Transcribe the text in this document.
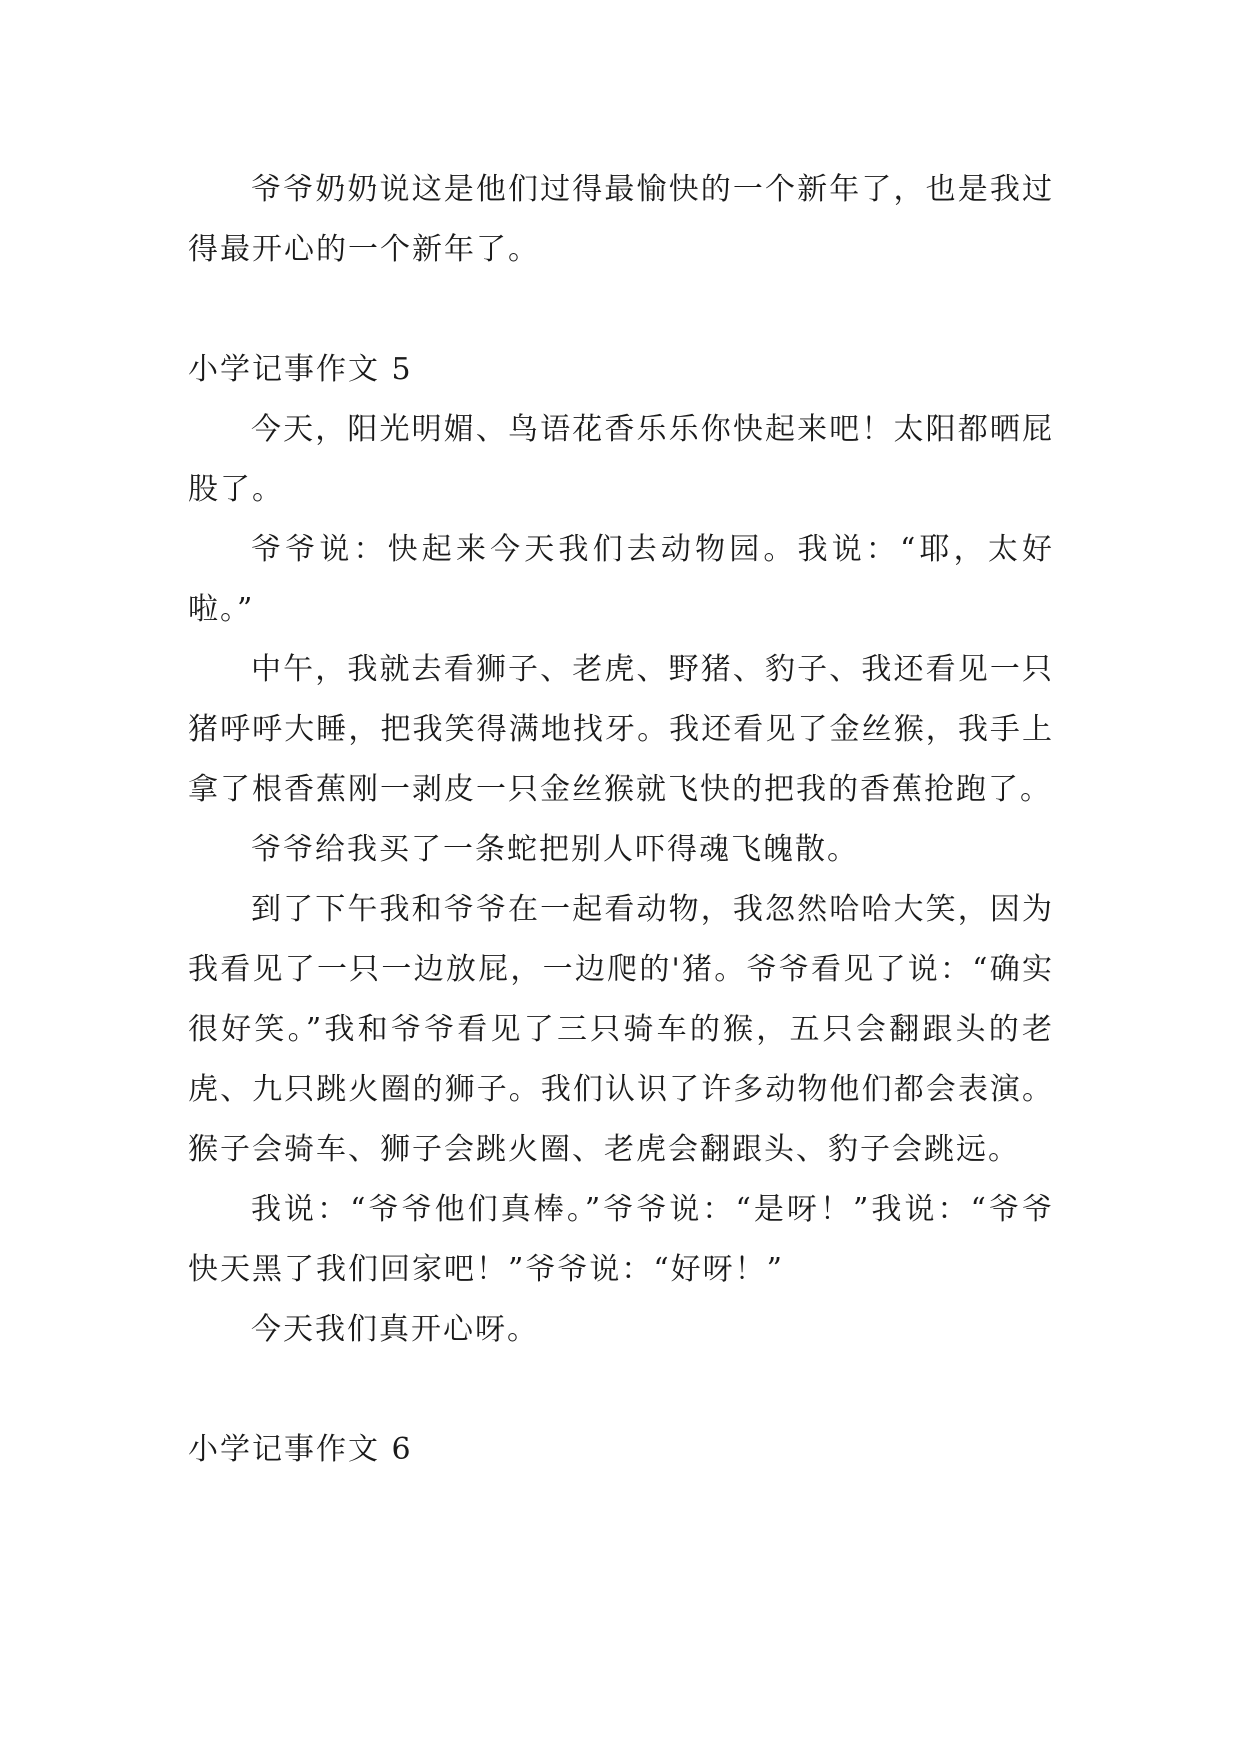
爷爷奶奶说这是他们过得最愉快的一个新年了，也是我过得最开心的一个新年了。

小学记事作文 5

今天，阳光明媚、鸟语花香乐乐你快起来吧！太阳都晒屁股了。

爷爷说：快起来今天我们去动物园。我说：“耶，太好啦。”

中午，我就去看狮子、老虎、野猪、豹子、我还看见一只猪呼呼大睡，把我笑得满地找牙。我还看见了金丝猴，我手上拿了根香蕉刚一剥皮一只金丝猴就飞快的把我的香蕉抢跑了。

爷爷给我买了一条蛇把别人吓得魂飞魄散。

到了下午我和爷爷在一起看动物，我忽然哈哈大笑，因为我看见了一只一边放屁，一边爬的'猪。爷爷看见了说：“确实很好笑。”我和爷爷看见了三只骑车的猴，五只会翻跟头的老虎、九只跳火圈的狮子。我们认识了许多动物他们都会表演。猴子会骑车、狮子会跳火圈、老虎会翻跟头、豹子会跳远。

我说：“爷爷他们真棒。”爷爷说：“是呀！”我说：“爷爷快天黑了我们回家吧！”爷爷说：“好呀！”

今天我们真开心呀。

小学记事作文 6
